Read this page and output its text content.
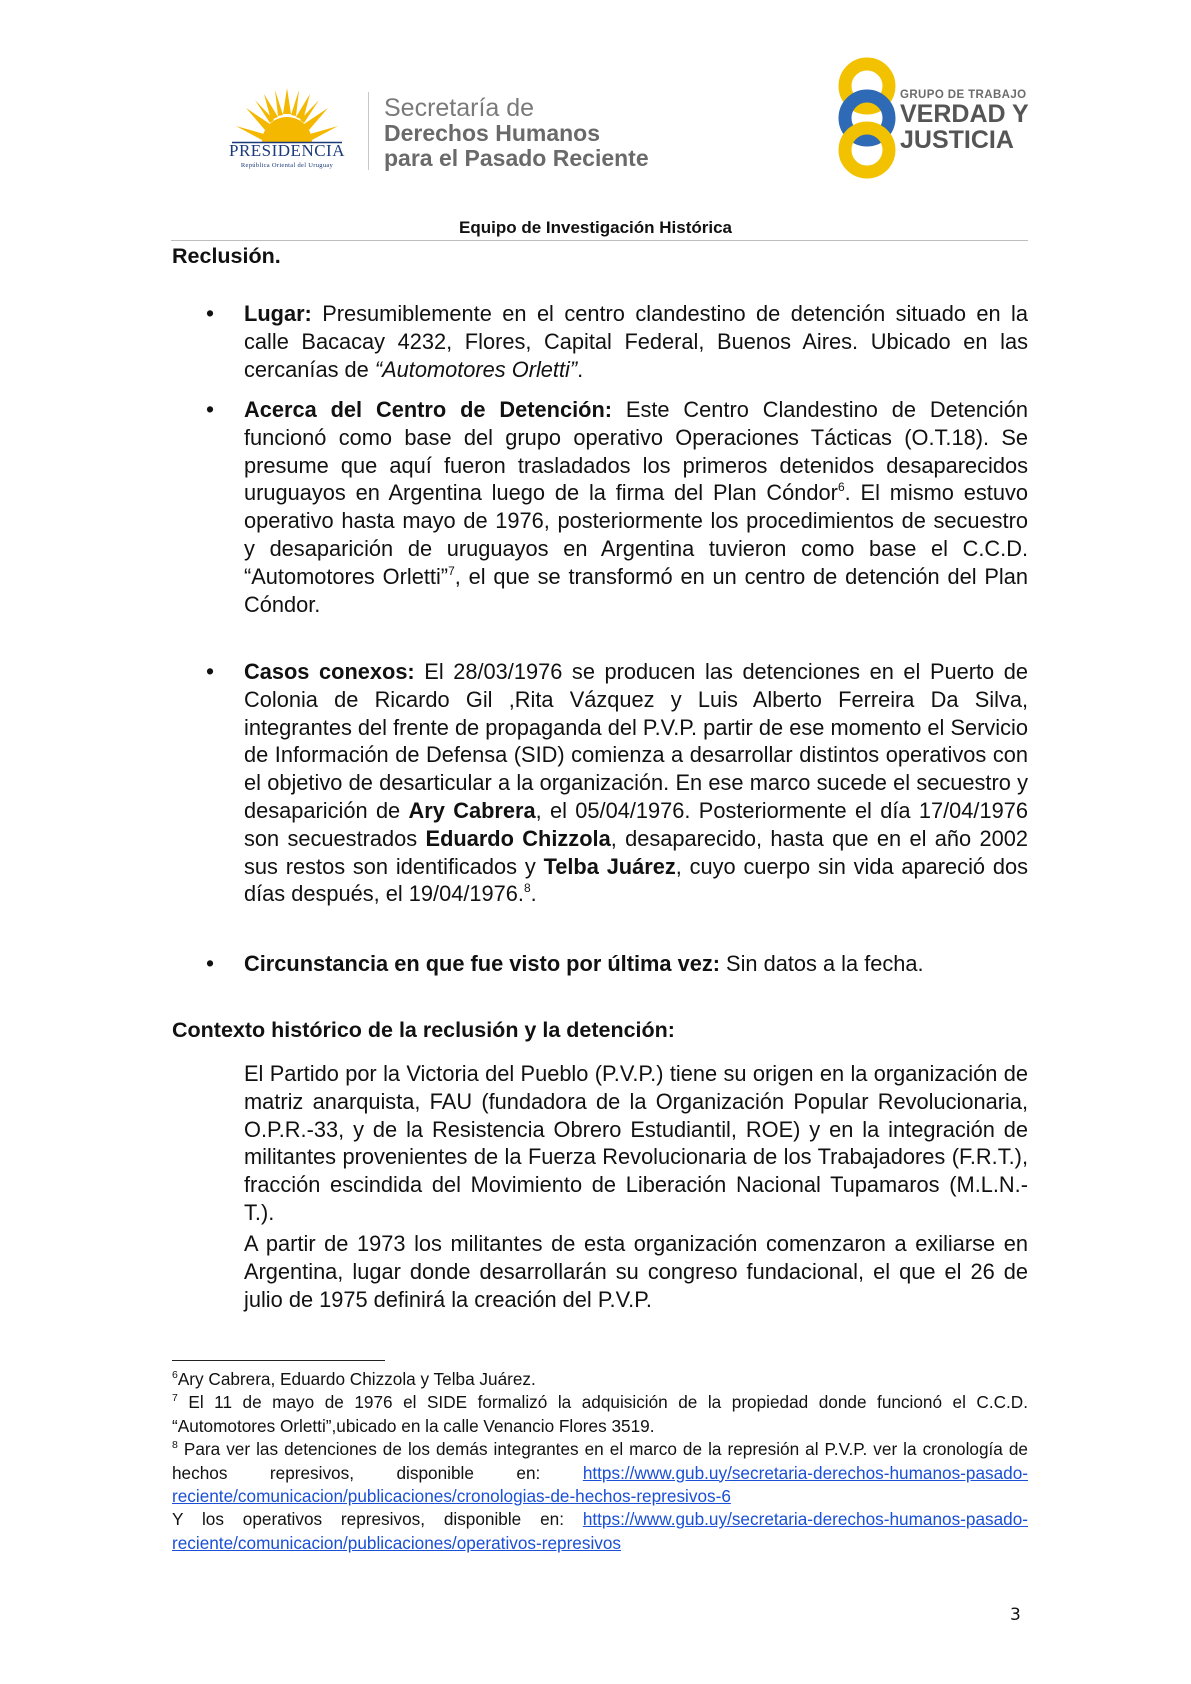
PRESIDENCIA
República Oriental del Uruguay
Secretaría de
Derechos Humanos
para el Pasado Reciente
GRUPO DE TRABAJO
VERDAD Y
JUSTICIA
Equipo de Investigación Histórica
Reclusión.
• Lugar: Presumiblemente en el centro clandestino de detención situado en la calle Bacacay 4232, Flores, Capital Federal, Buenos Aires. Ubicado en las cercanías de “Automotores Orletti”.

• Acerca del Centro de Detención: Este Centro Clandestino de Detención funcionó como base del grupo operativo Operaciones Tácticas (O.T.18). Se presume que aquí fueron trasladados los primeros detenidos desaparecidos uruguayos en Argentina luego de la firma del Plan Cóndor$^6$. El mismo estuvo operativo hasta mayo de 1976, posteriormente los procedimientos de secuestro y desaparición de uruguayos en Argentina tuvieron como base el C.C.D. “Automotores Orletti”$^7$, el que se transformó en un centro de detención del Plan Cóndor.

• Casos conexos: El 28/03/1976 se producen las detenciones en el Puerto de Colonia de Ricardo Gil ,Rita Vázquez y Luis Alberto Ferreira Da Silva, integrantes del frente de propaganda del P.V.P. partir de ese momento el Servicio de Información de Defensa (SID) comienza a desarrollar distintos operativos con el objetivo de desarticular a la organización. En ese marco sucede el secuestro y desaparición de Ary Cabrera, el 05/04/1976. Posteriormente el día 17/04/1976 son secuestrados Eduardo Chizzola, desaparecido, hasta que en el año 2002 sus restos son identificados y Telba Juárez, cuyo cuerpo sin vida apareció dos días después, el 19/04/1976.$^8$.

• Circunstancia en que fue visto por última vez: Sin datos a la fecha.

Contexto histórico de la reclusión y la detención:

El Partido por la Victoria del Pueblo (P.V.P.) tiene su origen en la organización de matriz anarquista, FAU (fundadora de la Organización Popular Revolucionaria, O.P.R.-33, y de la Resistencia Obrero Estudiantil, ROE) y en la integración de militantes provenientes de la Fuerza Revolucionaria de los Trabajadores (F.R.T.), fracción escindida del Movimiento de Liberación Nacional Tupamaros (M.L.N.-T.).

A partir de 1973 los militantes de esta organización comenzaron a exiliarse en Argentina, lugar donde desarrollarán su congreso fundacional, el que el 26 de julio de 1975 definirá la creación del P.V.P.

$^6$Ary Cabrera, Eduardo Chizzola y Telba Juárez.

$^7$ El 11 de mayo de 1976 el SIDE formalizó la adquisición de la propiedad donde funcionó el C.C.D. “Automotores Orletti”,ubicado en la calle Venancio Flores 3519.

$^8$ Para ver las detenciones de los demás integrantes en el marco de la represión al P.V.P. ver la cronología de hechos represivos, disponible en: https://www.gub.uy/secretaria-derechos-humanos-pasado-reciente/comunicacion/publicaciones/cronologias-de-hechos-represivos-6

Y los operativos represivos, disponible en: https://www.gub.uy/secretaria-derechos-humanos-pasado-reciente/comunicacion/publicaciones/operativos-represivos

3
